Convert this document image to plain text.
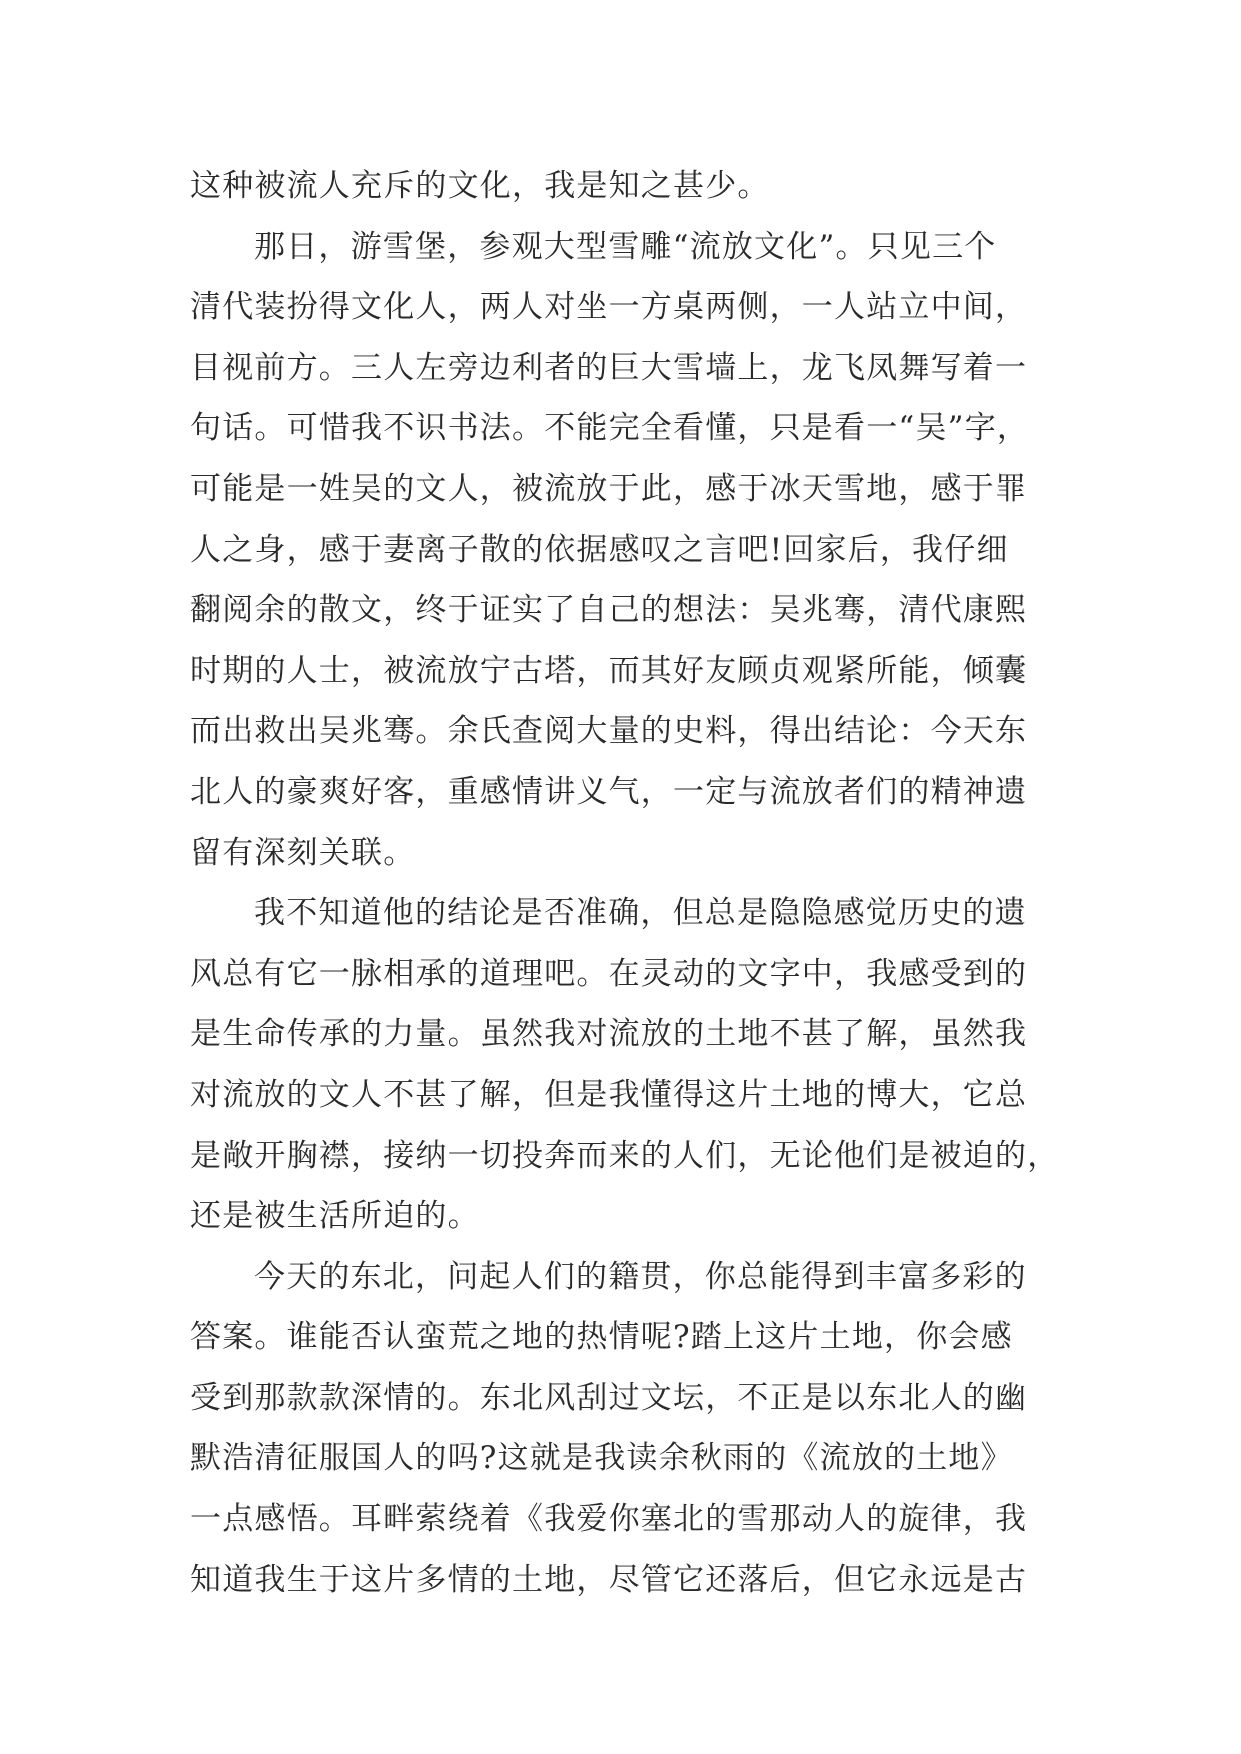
这种被流人充斥的文化，我是知之甚少。
那日，游雪堡，参观大型雪雕“流放文化”。只见三个
清代装扮得文化人，两人对坐一方桌两侧，一人站立中间，
目视前方。三人左旁边利者的巨大雪墙上，龙飞凤舞写着一
句话。可惜我不识书法。不能完全看懂，只是看一“吴”字，
可能是一姓吴的文人，被流放于此，感于冰天雪地，感于罪
人之身，感于妻离子散的依据感叹之言吧!回家后，我仔细
翻阅余的散文，终于证实了自己的想法：吴兆骞，清代康熙
时期的人士，被流放宁古塔，而其好友顾贞观紧所能，倾囊
而出救出吴兆骞。余氏查阅大量的史料，得出结论：今天东
北人的豪爽好客，重感情讲义气，一定与流放者们的精神遗
留有深刻关联。
我不知道他的结论是否准确，但总是隐隐感觉历史的遗
风总有它一脉相承的道理吧。在灵动的文字中，我感受到的
是生命传承的力量。虽然我对流放的土地不甚了解，虽然我
对流放的文人不甚了解，但是我懂得这片土地的博大，它总
是敞开胸襟，接纳一切投奔而来的人们，无论他们是被迫的，
还是被生活所迫的。
今天的东北，问起人们的籍贯，你总能得到丰富多彩的
答案。谁能否认蛮荒之地的热情呢?踏上这片土地，你会感
受到那款款深情的。东北风刮过文坛，不正是以东北人的幽
默浩清征服国人的吗?这就是我读余秋雨的《流放的土地》
一点感悟。耳畔萦绕着《我爱你塞北的雪那动人的旋律，我
知道我生于这片多情的土地，尽管它还落后，但它永远是古
